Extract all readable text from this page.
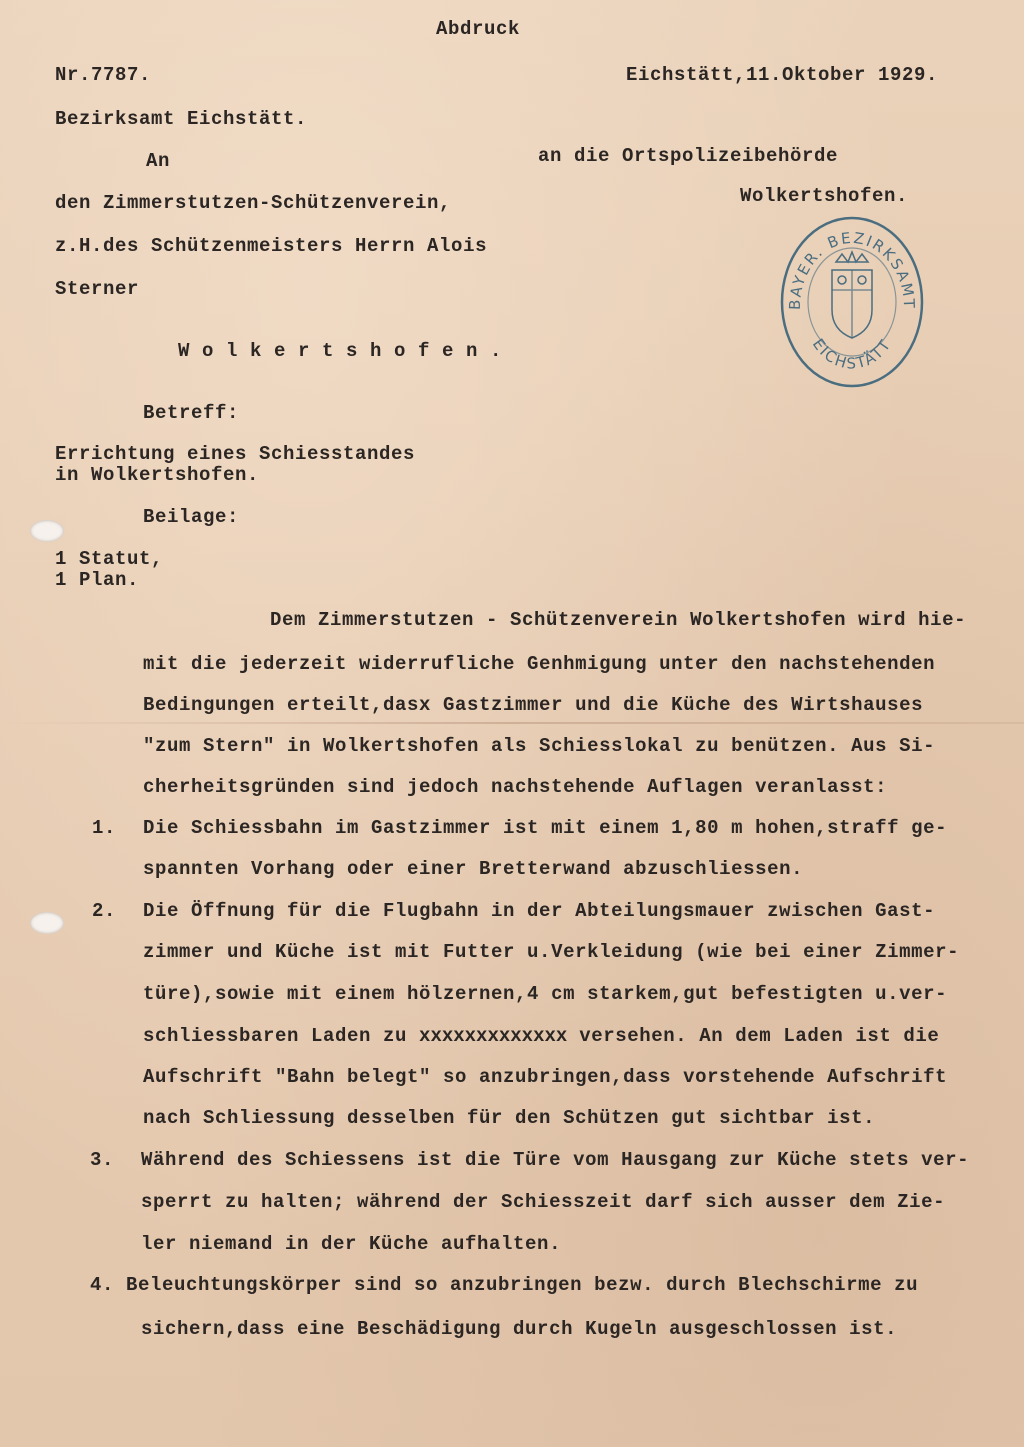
Abdruck
Nr.7787.	Eichstätt,11.Oktober 1929.
Bezirksamt Eichstätt.
An
den Zimmerstutzen-Schützenverein,
z.H.des Schützenmeisters Herrn Alois
Sterner
W o l k e r t s h o f e n .
an die Ortspolizeibehörde
Wolkertshofen.
BAYER. BEZIRKSAMT
EICHSTÄTT
Betreff:
Errichtung eines Schiesstandes
in Wolkertshofen.
Beilage:
1 Statut,
1 Plan.
Dem Zimmerstutzen - Schützenverein Wolkertshofen wird hie-
mit die jederzeit widerrufliche Genhmigung unter den nachstehenden
Bedingungen erteilt,dasx Gastzimmer und die Küche des Wirtshauses
"zum Stern" in Wolkertshofen als Schiesslokal zu benützen. Aus Si-
cherheitsgründen sind jedoch nachstehende Auflagen veranlasst:
1. Die Schiessbahn im Gastzimmer ist mit einem 1,80 m hohen,straff ge-
spannten Vorhang oder einer Bretterwand abzuschliessen.
2. Die Öffnung für die Flugbahn in der Abteilungsmauer zwischen Gast-
zimmer und Küche ist mit Futter u.Verkleidung (wie bei einer Zimmer-
türe),sowie mit einem hölzernen,4 cm starkem,gut befestigten u.ver-
schliessbaren Laden zu xxxxxxxxxxxxx versehen. An dem Laden ist die
Aufschrift "Bahn belegt" so anzubringen,dass vorstehende Aufschrift
nach Schliessung desselben für den Schützen gut sichtbar ist.
3. Während des Schiessens ist die Türe vom Hausgang zur Küche stets ver-
sperrt zu halten; während der Schiesszeit darf sich ausser dem Zie-
ler niemand in der Küche aufhalten.
4. Beleuchtungskörper sind so anzubringen bezw. durch Blechschirme zu
sichern,dass eine Beschädigung durch Kugeln ausgeschlossen ist.
